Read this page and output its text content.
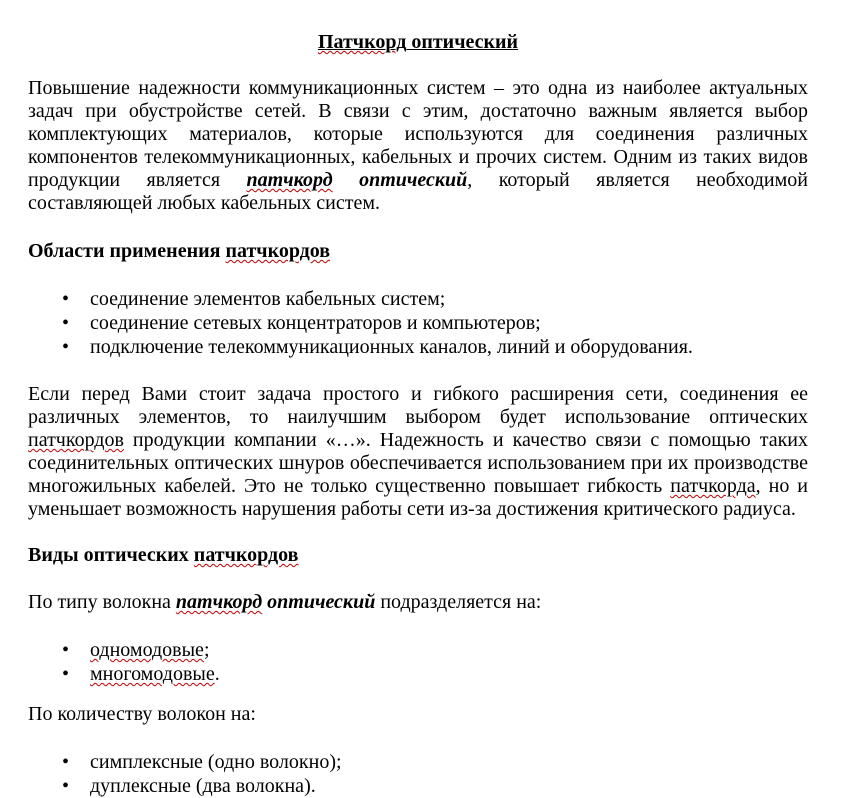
Патчкорд оптический

Повышение надежности коммуникационных систем – это одна из наиболее актуальных задач при обустройстве сетей. В связи с этим, достаточно важным является выбор комплектующих материалов, которые используются для соединения различных компонентов телекоммуникационных, кабельных и прочих систем. Одним из таких видов продукции является патчкорд оптический, который является необходимой составляющей любых кабельных систем.

Области применения патчкордов
• соединение элементов кабельных систем;
• соединение сетевых концентраторов и компьютеров;
• подключение телекоммуникационных каналов, линий и оборудования.

Если перед Вами стоит задача простого и гибкого расширения сети, соединения ее различных элементов, то наилучшим выбором будет использование оптических патчкордов продукции компании «…». Надежность и качество связи с помощью таких соединительных оптических шнуров обеспечивается использованием при их производстве многожильных кабелей. Это не только существенно повышает гибкость патчкорда, но и уменьшает возможность нарушения работы сети из-за достижения критического радиуса.

Виды оптических патчкордов

По типу волокна патчкорд оптический подразделяется на:

• одномодовые;
• многомодовые.

По количеству волокон на:

• симплексные (одно волокно);
• дуплексные (два волокна).
